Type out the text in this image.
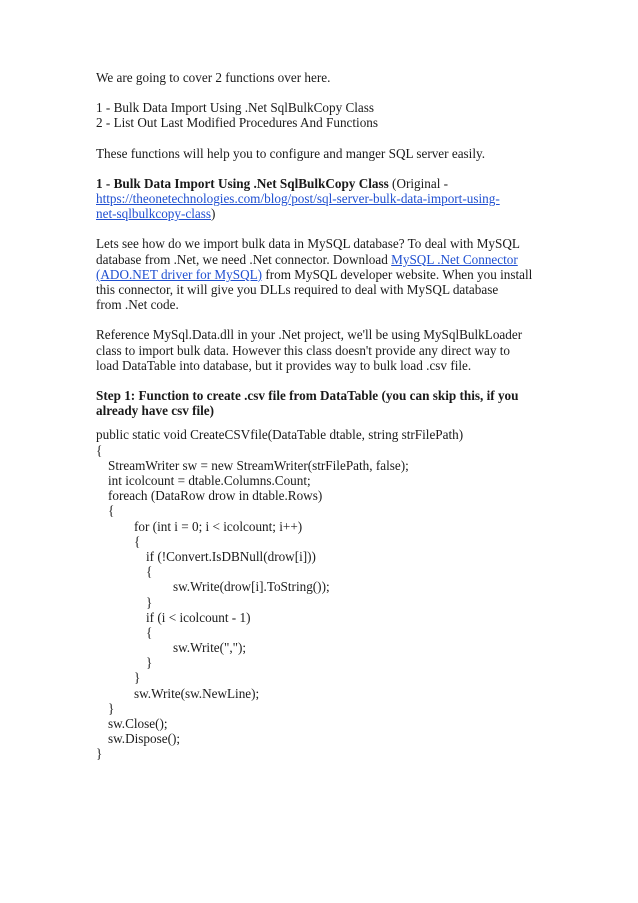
We are going to cover 2 functions over here.

1 - Bulk Data Import Using .Net SqlBulkCopy Class

2 - List Out Last Modified Procedures And Functions

These functions will help you to configure and manger SQL server easily.

1 - Bulk Data Import Using .Net SqlBulkCopy Class (Original -
https://theonetechnologies.com/blog/post/sql-server-bulk-data-import-using-
net-sqlbulkcopy-class)

Lets see how do we import bulk data in MySQL database? To deal with MySQL
database from .Net, we need .Net connector. Download MySQL .Net Connector
(ADO.NET driver for MySQL) from MySQL developer website. When you install
this connector, it will give you DLLs required to deal with MySQL database
from .Net code.

Reference MySql.Data.dll in your .Net project, we'll be using MySqlBulkLoader
class to import bulk data. However this class doesn't provide any direct way to
load DataTable into database, but it provides way to bulk load .csv file.

Step 1: Function to create .csv file from DataTable (you can skip this, if you
already have csv file)

public static void CreateCSVfile(DataTable dtable, string strFilePath)
{
StreamWriter sw = new StreamWriter(strFilePath, false);
int icolcount = dtable.Columns.Count;
foreach (DataRow drow in dtable.Rows)
{
for (int i = 0; i < icolcount; i++)
{
if (!Convert.IsDBNull(drow[i]))
{
sw.Write(drow[i].ToString());
}
if (i < icolcount - 1)
{
sw.Write(",");
}
}
sw.Write(sw.NewLine);
}
sw.Close();
sw.Dispose();
}
